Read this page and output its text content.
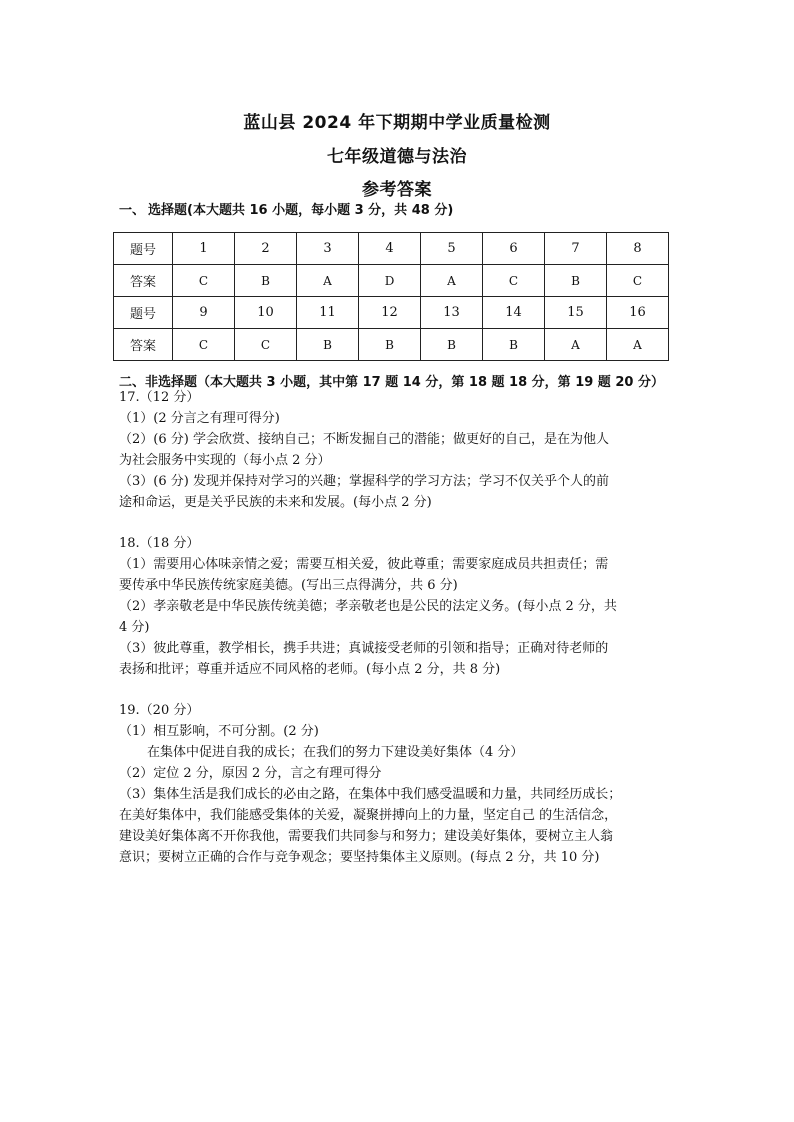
蓝山县 2024 年下期期中学业质量检测
七年级道德与法治
参考答案
一、 选择题(本大题共 16 小题，每小题 3 分，共 48 分)
题号	1	2	3	4	5	6	7	8
答案	C	B	A	D	A	C	B	C
题号	9	10	11	12	13	14	15	16
答案	C	C	B	B	B	B	A	A
二、非选择题（本大题共 3 小题，其中第 17 题 14 分，第 18 题 18 分，第 19 题 20 分）
17.（12 分）
（1）(2 分言之有理可得分)
（2）(6 分) 学会欣赏、接纳自己；不断发掘自己的潜能；做更好的自己，是在为他人
为社会服务中实现的（每小点 2 分）
（3）(6 分) 发现并保持对学习的兴趣；掌握科学的学习方法；学习不仅关乎个人的前
途和命运，更是关乎民族的未来和发展。(每小点 2 分)
18.（18 分）
（1）需要用心体味亲情之爱；需要互相关爱，彼此尊重；需要家庭成员共担责任；需
要传承中华民族传统家庭美德。(写出三点得满分，共 6 分)
（2）孝亲敬老是中华民族传统美德；孝亲敬老也是公民的法定义务。(每小点 2 分，共
4 分)
（3）彼此尊重，教学相长，携手共进；真诚接受老师的引领和指导；正确对待老师的
表扬和批评；尊重并适应不同风格的老师。(每小点 2 分，共 8 分)
19.（20 分）
（1）相互影响，不可分割。(2 分)
在集体中促进自我的成长；在我们的努力下建设美好集体（4 分）
（2）定位 2 分，原因 2 分，言之有理可得分
（3）集体生活是我们成长的必由之路，在集体中我们感受温暖和力量，共同经历成长；
在美好集体中，我们能感受集体的关爱，凝聚拼搏向上的力量，坚定自己 的生活信念，
建设美好集体离不开你我他，需要我们共同参与和努力；建设美好集体，要树立主人翁
意识；要树立正确的合作与竞争观念；要坚持集体主义原则。(每点 2 分，共 10 分)
